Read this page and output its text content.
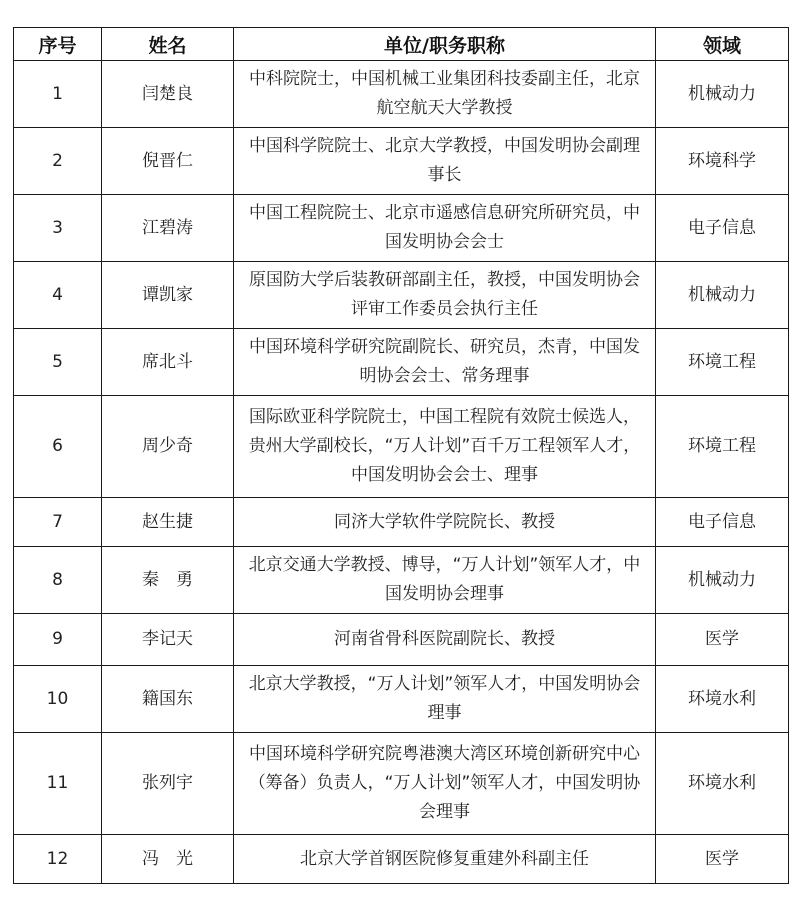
序号	姓名	单位/职务职称	领域
1	闫楚良	中科院院士，中国机械工业集团科技委副主任，北京航空航天大学教授	机械动力
2	倪晋仁	中国科学院院士、北京大学教授，中国发明协会副理事长	环境科学
3	江碧涛	中国工程院院士、北京市遥感信息研究所研究员，中国发明协会会士	电子信息
4	谭凯家	原国防大学后装教研部副主任，教授，中国发明协会评审工作委员会执行主任	机械动力
5	席北斗	中国环境科学研究院副院长、研究员，杰青，中国发明协会会士、常务理事	环境工程
6	周少奇	国际欧亚科学院院士，中国工程院有效院士候选人，贵州大学副校长，“万人计划”百千万工程领军人才，中国发明协会会士、理事	环境工程
7	赵生捷	同济大学软件学院院长、教授	电子信息
8	秦　勇	北京交通大学教授、博导，“万人计划”领军人才，中国发明协会理事	机械动力
9	李记天	河南省骨科医院副院长、教授	医学
10	籍国东	北京大学教授，“万人计划”领军人才，中国发明协会理事	环境水利
11	张列宇	中国环境科学研究院粤港澳大湾区环境创新研究中心（筹备）负责人，“万人计划”领军人才，中国发明协会理事	环境水利
12	冯　光	北京大学首钢医院修复重建外科副主任	医学
